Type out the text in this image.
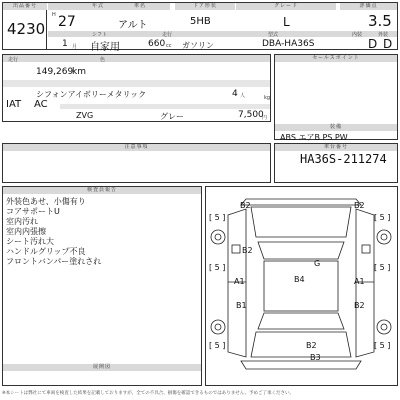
出品番号	年式	車名	ドア形状	グレード	評価点
4230
H 27	アルト	5HB	L	3.5
シフト	走行	型式	内装	外装
1 月 自家用	660 cc ガソリン	DBA-HA36S	D D
走行	色
149,269
km
シフォンアイボリーメタリック	4 人	kg
IAT AC
ZVG	グレー	7,500
円
セールスポイント
装備
ABS エアB PS PW
注意事項	車台番号
HA36S-211274
検査員報告
外装色あせ、小傷有り
コアサポートU
室内汚れ
室内内張擦
シート汚れ大
ハンドルグリップ不良
フロントバンパー塗れされ
展開図
B2	B2
B2
G
B4
A1	A1
B1	B2
B2
B3
[ 5 ]	[ 5 ]
[ 5 ]	[ 5 ]
[ 5 ]	[ 5 ]
※本シートは弊社にて車両を検査した結果を記載しておりますが、全ての不具合、損傷を確認できるものではありません。予めご了承ください。
